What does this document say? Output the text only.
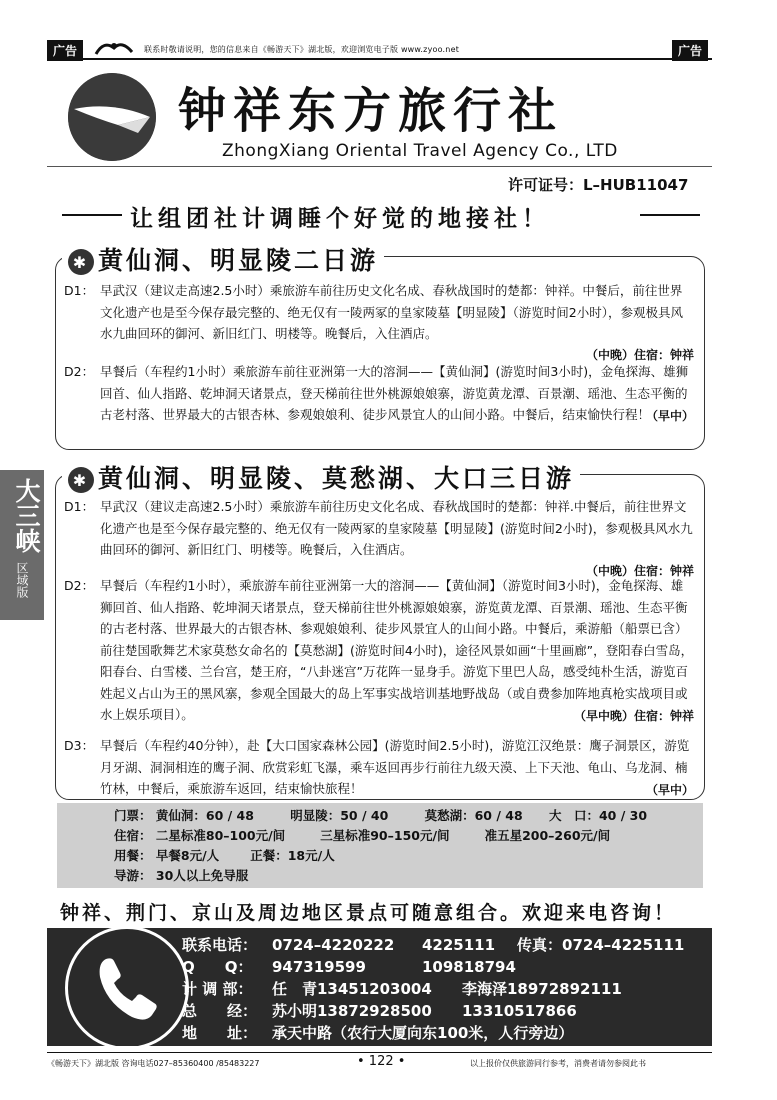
广告	联系时敬请说明，您的信息来自《畅游天下》湖北版，欢迎浏览电子版 www.zyoo.net	广告
钟祥东方旅行社
ZhongXiang Oriental Travel Agency Co., LTD
许可证号：L–HUB11047
让组团社计调睡个好觉的地接社！
大三峡
区域版
✱ 黄仙洞、明显陵二日游
D1： 早武汉（建议走高速2.5小时）乘旅游车前往历史文化名成、春秋战国时的楚都：钟祥。中餐后，前往世界文化遗产也是至今保存最完整的、绝无仅有一陵两冢的皇家陵墓【明显陵】（游览时间2小时），参观极具风水九曲回环的御河、新旧红门、明楼等。晚餐后，入住酒店。
（中晚）住宿：钟祥
D2： 早餐后（车程约1小时）乘旅游车前往亚洲第一大的溶洞——【黄仙洞】(游览时间3小时)，金龟探海、雄狮回首、仙人指路、乾坤洞天诸景点，登天梯前往世外桃源娘娘寨，游览黄龙潭、百景潮、瑶池、生态平衡的古老村落、世界最大的古银杏林、参观娘娘利、徒步风景宜人的山间小路。中餐后，结束愉快行程！
（早中）
✱ 黄仙洞、明显陵、莫愁湖、大口三日游
D1： 早武汉（建议走高速2.5小时）乘旅游车前往历史文化名成、春秋战国时的楚都：钟祥.中餐后，前往世界文化遗产也是至今保存最完整的、绝无仅有一陵两冢的皇家陵墓【明显陵】(游览时间2小时)，参观极具风水九曲回环的御河、新旧红门、明楼等。晚餐后，入住酒店。
（中晚）住宿：钟祥
D2： 早餐后（车程约1小时），乘旅游车前往亚洲第一大的溶洞——【黄仙洞】（游览时间3小时)，金龟探海、雄狮回首、仙人指路、乾坤洞天诸景点，登天梯前往世外桃源娘娘寨，游览黄龙潭、百景潮、瑶池、生态平衡的古老村落、世界最大的古银杏林、参观娘娘利、徒步风景宜人的山间小路。中餐后，乘游船（船票已含）前往楚国歌舞艺术家莫愁女命名的【莫愁湖】(游览时间4小时)，途径风景如画“十里画廊”，登阳春白雪岛，阳春台、白雪楼、兰台宫，楚王府，“八卦迷宫”万花阵一显身手。游览下里巴人岛，感受纯朴生活，游览百姓起义占山为王的黑风寨，参观全国最大的岛上军事实战培训基地野战岛（或自费参加阵地真枪实战项目或水上娱乐项目）。	（早中晚）住宿：钟祥
D3： 早餐后（车程约40分钟），赴【大口国家森林公园】(游览时间2.5小时)，游览江汉绝景：鹰子洞景区，游览月牙湖、洞洞相连的鹰子洞、欣赏彩虹飞瀑，乘车返回再步行前往九级天漠、上下天池、龟山、乌龙洞、楠竹林，中餐后，乘旅游车返回，结束愉快旅程！	（早中）
门票： 黄仙洞：60 / 48	明显陵：50 / 40	莫愁湖：60 / 48 大　口：40 / 30
住宿： 二星标准80–100元/间	三星标准90–150元/间	准五星200–260元/间
用餐： 早餐8元/人 正餐：18元/人
导游： 30人以上免导服
钟祥、荆门、京山及周边地区景点可随意组合。欢迎来电咨询！
联系电话： 0724–4220222 4225111 传真：0724–4225111
Q　　Q： 947319599	109818794
计 调 部： 任　青13451203004 李海泽18972892111
总　　经： 苏小明13872928500 13310517866
地　　址： 承天中路（农行大厦向东100米，人行旁边）
《畅游天下》湖北版 咨询电话027–85360400 /85483227	• 122 •	以上报价仅供旅游同行参考，消费者请勿参阅此书
